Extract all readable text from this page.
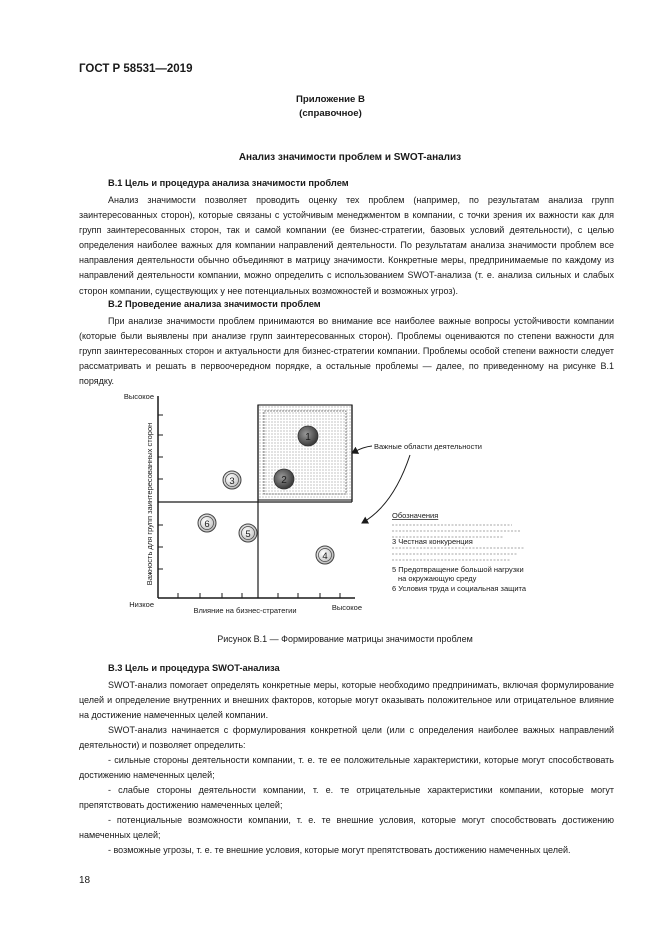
ГОСТ Р 58531—2019
Приложение В
(справочное)
Анализ значимости проблем и SWOT-анализ
В.1 Цель и процедура анализа значимости проблем
Анализ значимости позволяет проводить оценку тех проблем (например, по результатам анализа групп заинтересованных сторон), которые связаны с устойчивым менеджментом в компании, с точки зрения их важности как для групп заинтересованных сторон, так и самой компании (ее бизнес-стратегии, базовых условий деятельности), с целью определения наиболее важных для компании направлений деятельности. По результатам анализа значимости проблем все направления деятельности обычно объединяют в матрицу значимости. Конкретные меры, предпринимаемые по каждому из направлений деятельности компании, можно определить с использованием SWOT-анализа (т. е. анализа сильных и слабых сторон компании, существующих у нее потенциальных возможностей и возможных угроз).
В.2 Проведение анализа значимости проблем
При анализе значимости проблем принимаются во внимание все наиболее важные вопросы устойчивости компании (которые были выявлены при анализе групп заинтересованных сторон). Проблемы оцениваются по степени важности для групп заинтересованных сторон и актуальности для бизнес-стратегии компании. Проблемы особой степени важности следует рассматривать и решать в первоочередном порядке, а остальные проблемы — далее, по приведенному на рисунке В.1 порядку.
Высокое
Низкое	Высокое
Важность для групп заинтересованных сторон
Влияние на бизнес-стратегии
1
2
3
4
5
6
Важные области деятельности
Обозначения
3 Честная конкуренция
5 Предотвращение большой нагрузки
на окружающую среду
6 Условия труда и социальная защита
Рисунок В.1 — Формирование матрицы значимости проблем
В.3 Цель и процедура SWOT-анализа
SWOT-анализ помогает определять конкретные меры, которые необходимо предпринимать, включая формулирование целей и определение внутренних и внешних факторов, которые могут оказывать положительное или отрицательное влияние на достижение намеченных целей компании.
SWOT-анализ начинается с формулирования конкретной цели (или с определения наиболее важных направлений деятельности) и позволяет определить:
- сильные стороны деятельности компании, т. е. те ее положительные характеристики, которые могут способствовать достижению намеченных целей;
- слабые стороны деятельности компании, т. е. те отрицательные характеристики компании, которые могут препятствовать достижению намеченных целей;
- потенциальные возможности компании, т. е. те внешние условия, которые могут способствовать достижению намеченных целей;
- возможные угрозы, т. е. те внешние условия, которые могут препятствовать достижению намеченных целей.
18
